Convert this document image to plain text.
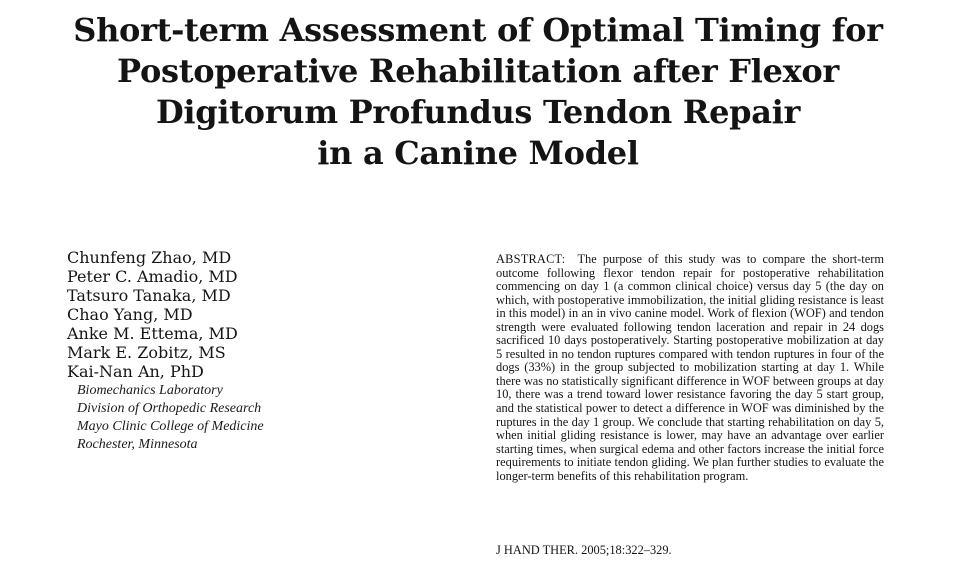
Short-term Assessment of Optimal Timing for
Postoperative Rehabilitation after Flexor
Digitorum Profundus Tendon Repair
in a Canine Model
Chunfeng Zhao, MD
Peter C. Amadio, MD
Tatsuro Tanaka, MD
Chao Yang, MD
Anke M. Ettema, MD
Mark E. Zobitz, MS
Kai-Nan An, PhD
Biomechanics Laboratory
Division of Orthopedic Research
Mayo Clinic College of Medicine
Rochester, Minnesota
ABSTRACT: The purpose of this study was to compare the short-term outcome following flexor tendon repair for postoperative rehabilitation commencing on day 1 (a common clinical choice) versus day 5 (the day on which, with postoperative immobilization, the initial gliding resistance is least in this model) in an in vivo canine model. Work of flexion (WOF) and tendon strength were evaluated following tendon laceration and repair in 24 dogs sacrificed 10 days postoperatively. Starting postoperative mobilization at day 5 resulted in no tendon ruptures compared with tendon ruptures in four of the dogs (33%) in the group subjected to mobilization starting at day 1. While there was no statistically significant difference in WOF between groups at day 10, there was a trend toward lower resistance favoring the day 5 start group, and the statistical power to detect a difference in WOF was diminished by the ruptures in the day 1 group. We conclude that starting rehabilitation on day 5, when initial gliding resistance is lower, may have an advantage over earlier starting times, when surgical edema and other factors increase the initial force requirements to initiate tendon gliding. We plan further studies to evaluate the longer-term benefits of this rehabilitation program.
J HAND THER. 2005;18:322–329.
